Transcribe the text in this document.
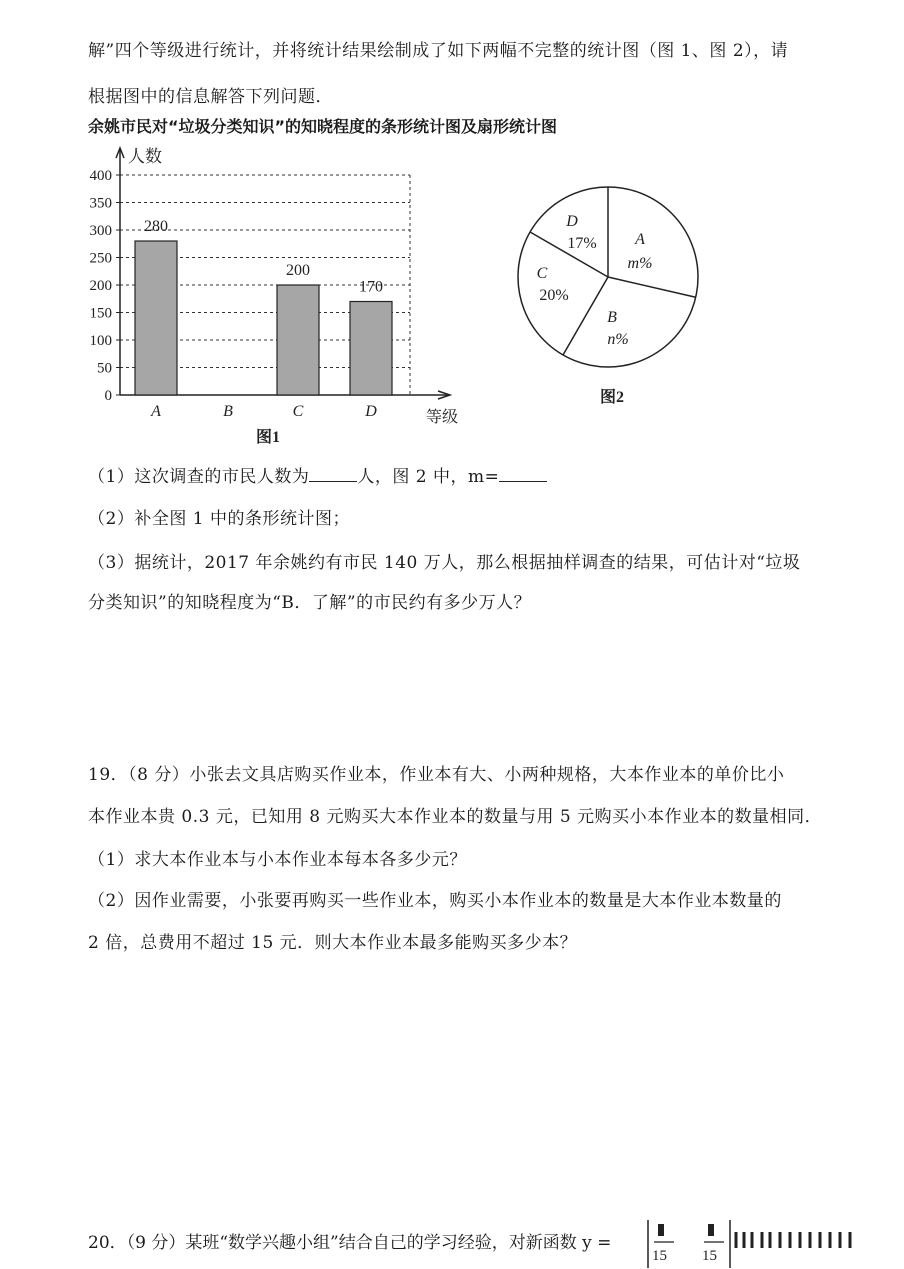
解”四个等级进行统计，并将统计结果绘制成了如下两幅不完整的统计图（图 1、图 2），请
根据图中的信息解答下列问题．
余姚市民对“垃圾分类知识”的知晓程度的条形统计图及扇形统计图
0
50
100
150
200
250
300
350
400
人数
等级
图1
280
A	B
200
C
170
D
A
m%
B
n%
C
20%
D
17%
图2
（1）这次调查的市民人数为	人，图 2 中，m=
（2）补全图 1 中的条形统计图；
（3）据统计，2017 年余姚约有市民 140 万人，那么根据抽样调查的结果，可估计对“垃圾
分类知识”的知晓程度为“B．了解”的市民约有多少万人？
19．（8 分）小张去文具店购买作业本，作业本有大、小两种规格，大本作业本的单价比小
本作业本贵 0.3 元，已知用 8 元购买大本作业本的数量与用 5 元购买小本作业本的数量相同．
（1）求大本作业本与小本作业本每本各多少元？
（2）因作业需要，小张要再购买一些作业本，购买小本作业本的数量是大本作业本数量的
2 倍，总费用不超过 15 元．则大本作业本最多能购买多少本？
20．（9 分）某班“数学兴趣小组”结合自己的学习经验，对新函数 y =
15 15
